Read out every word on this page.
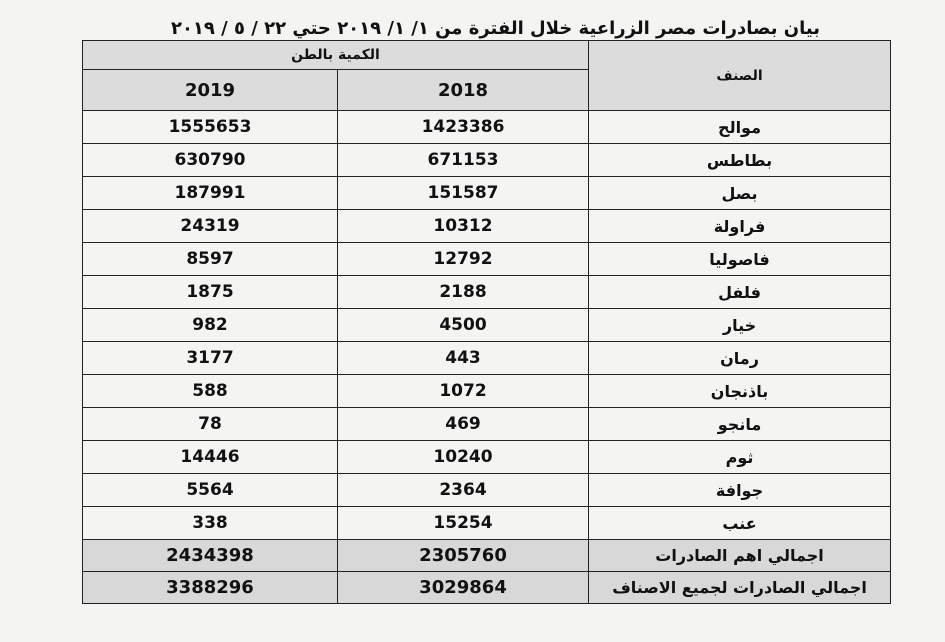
بيان بصادرات مصر الزراعية خلال الفترة من ١/ ١/ ٢٠١٩ حتي ٢٢ / ٥ / ٢٠١٩
الكمية بالطن		الصنف
2019	2018	
1555653	1423386	موالح
630790	671153	بطاطس
187991	151587	بصل
24319	10312	فراولة
8597	12792	فاصوليا
1875	2188	فلفل
982	4500	خيار
3177	443	رمان
588	1072	باذنجان
78	469	مانجو
14446	10240	ثوم
5564	2364	جوافة
338	15254	عنب
2434398	2305760	اجمالي اهم الصادرات
3388296	3029864	اجمالي الصادرات لجميع الاصناف
